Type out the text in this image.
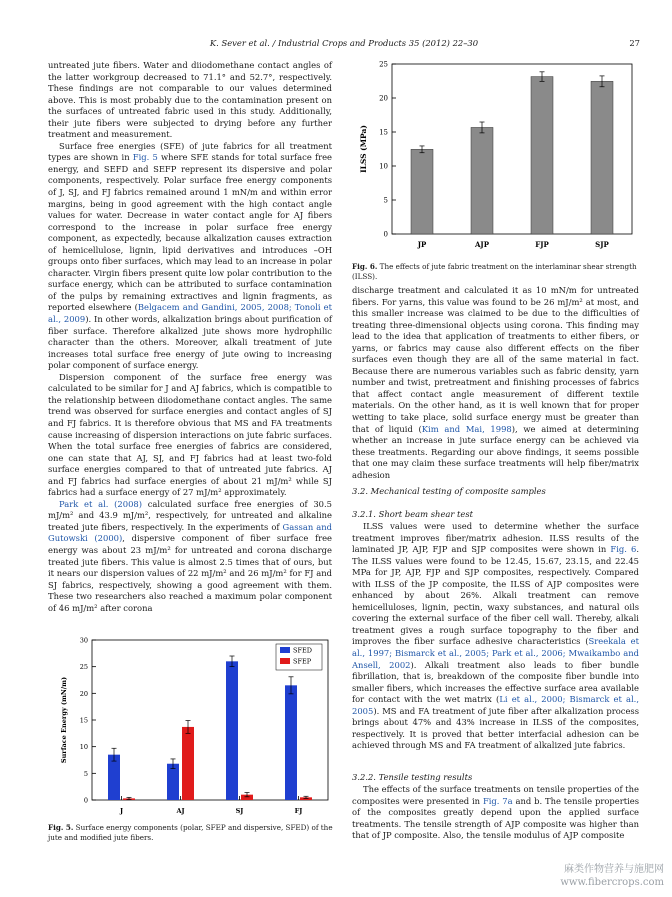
K. Sever et al. / Industrial Crops and Products 35 (2012) 22–30	27

untreated jute fibers. Water and diiodomethane contact angles of the latter workgroup decreased to 71.1° and 52.7°, respectively. These findings are not comparable to our values determined above. This is most probably due to the contamination present on the surfaces of untreated fabric used in this study. Additionally, their jute fibers were subjected to drying before any further treatment and measurement.

Surface free energies (SFE) of jute fabrics for all treatment types are shown in Fig. 5 where SFE stands for total surface free energy, and SEFD and SEFP represent its dispersive and polar components, respectively. Polar surface free energy components of J, SJ, and FJ fabrics remained around 1 mN/m and within error margins, being in good agreement with the high contact angle values for water. Decrease in water contact angle for AJ fibers correspond to the increase in polar surface free energy component, as expectedly, because alkalization causes extraction of hemicellulose, lignin, lipid derivatives and introduces –OH groups onto fiber surfaces, which may lead to an increase in polar character. Virgin fibers present quite low polar contribution to the surface energy, which can be attributed to surface contamination of the pulps by remaining extractives and lignin fragments, as reported elsewhere (Belgacem and Gandini, 2005, 2008; Tonoli et al., 2009). In other words, alkalization brings about purification of fiber surface. Therefore alkalized jute shows more hydrophilic character than the others. Moreover, alkali treatment of jute increases total surface free energy of jute owing to increasing polar component of surface energy.

Dispersion component of the surface free energy was calculated to be similar for J and AJ fabrics, which is compatible to the relationship between diiodomethane contact angles. The same trend was observed for surface energies and contact angles of SJ and FJ fabrics. It is therefore obvious that MS and FA treatments cause increasing of dispersion interactions on jute fabric surfaces. When the total surface free energies of fabrics are considered, one can state that AJ, SJ, and FJ fabrics had at least two-fold surface energies compared to that of untreated jute fabrics. AJ and FJ fabrics had surface energies of about 21 mJ/m² while SJ fabrics had a surface energy of 27 mJ/m² approximately.

Park et al. (2008) calculated surface free energies of 30.5 mJ/m² and 43.9 mJ/m², respectively, for untreated and alkaline treated jute fibers, respectively. In the experiments of Gassan and Gutowski (2000), dispersive component of fiber surface free energy was about 23 mJ/m² for untreated and corona discharge treated jute fibers. This value is almost 2.5 times that of ours, but it nears our dispersion values of 22 mJ/m² and 26 mJ/m² for FJ and SJ fabrics, respectively, showing a good agreement with them. These two researchers also reached a maximum polar component of 46 mJ/m² after corona

0
5
10
15
20
25
30
Surface Energy (mN/m)
J	AJ	SJ	FJ
SFED
SFEP
Fig. 5. Surface energy components (polar, SFEP and dispersive, SFED) of the jute and modified jute fibers.
0
5
10
15
20
25
ILSS (MPa)
JP	AJP	FJP	SJP
Fig. 6. The effects of jute fabric treatment on the interlaminar shear strength (ILSS).

discharge treatment and calculated it as 10 mN/m for untreated fibers. For yarns, this value was found to be 26 mJ/m² at most, and this smaller increase was claimed to be due to the difficulties of treating three-dimensional objects using corona. This finding may lead to the idea that application of treatments to either fibers, or yarns, or fabrics may cause also different effects on the fiber surfaces even though they are all of the same material in fact. Because there are numerous variables such as fabric density, yarn number and twist, pretreatment and finishing processes of fabrics that affect contact angle measurement of different textile materials. On the other hand, as it is well known that for proper wetting to take place, solid surface energy must be greater than that of liquid (Kim and Mai, 1998), we aimed at determining whether an increase in jute surface energy can be achieved via these treatments. Regarding our above findings, it seems possible that one may claim these surface treatments will help fiber/matrix adhesion

3.2. Mechanical testing of composite samples
3.2.1. Short beam shear test

ILSS values were used to determine whether the surface treatment improves fiber/matrix adhesion. ILSS results of the laminated JP, AJP, FJP and SJP composites were shown in Fig. 6. The ILSS values were found to be 12.45, 15.67, 23.15, and 22.45 MPa for JP, AJP, FJP and SJP composites, respectively. Compared with ILSS of the JP composite, the ILSS of AJP composites were enhanced by about 26%. Alkali treatment can remove hemicelluloses, lignin, pectin, waxy substances, and natural oils covering the external surface of the fiber cell wall. Thereby, alkali treatment gives a rough surface topography to the fiber and improves the fiber surface adhesive characteristics (Sreekala et al., 1997; Bismarck et al., 2005; Park et al., 2006; Mwaikambo and Ansell, 2002). Alkali treatment also leads to fiber bundle fibrillation, that is, breakdown of the composite fiber bundle into smaller fibers, which increases the effective surface area available for contact with the wet matrix (Li et al., 2000; Bismarck et al., 2005). MS and FA treatment of jute fiber after alkalization process brings about 47% and 43% increase in ILSS of the composites, respectively. It is proved that better interfacial adhesion can be achieved through MS and FA treatment of alkalized jute fabrics.

3.2.2. Tensile testing results

The effects of the surface treatments on tensile properties of the composites were presented in Fig. 7a and b. The tensile properties of the composites greatly depend upon the applied surface treatments. The tensile strength of AJP composite was higher than that of JP composite. Also, the tensile modulus of AJP composite

麻类作物营养与施肥网
www.fibercrops.com
